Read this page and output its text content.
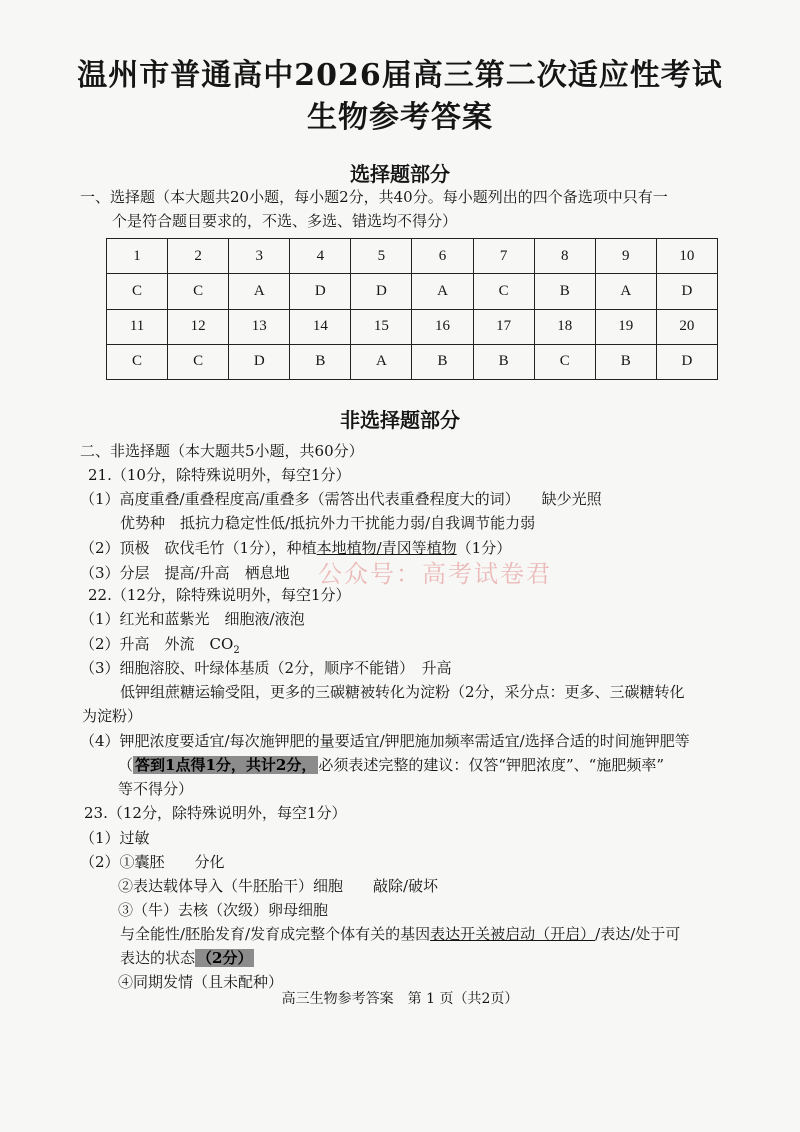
温州市普通高中2026届高三第二次适应性考试
生物参考答案
选择题部分
一、选择题（本大题共20小题，每小题2分，共40分。每小题列出的四个备选项中只有一
个是符合题目要求的，不选、多选、错选均不得分）
1	2	3	4	5	6	7	8	9	10
C	C	A	D	D	A	C	B	A	D
11	12	13	14	15	16	17	18	19	20
C	C	D	B	A	B	B	C	B	D
非选择题部分
二、非选择题（本大题共5小题，共60分）
21.（10分，除特殊说明外，每空1分）
（1）高度重叠/重叠程度高/重叠多（需答出代表重叠程度大的词） 缺少光照
优势种　抵抗力稳定性低/抵抗外力干扰能力弱/自我调节能力弱
（2）顶极　砍伐毛竹（1分），种植本地植物/青冈等植物（1分）
（3）分层　提高/升高　栖息地 公众号：高考试卷君
22.（12分，除特殊说明外，每空1分）
（1）红光和蓝紫光　细胞液/液泡
（2）升高　外流　$CO_2$
（3）细胞溶胶、叶绿体基质（2分，顺序不能错）　升高
低钾组蔗糖运输受阻，更多的三碳糖被转化为淀粉（2分，采分点：更多、三碳糖转化
为淀粉）
（4）钾肥浓度要适宜/每次施钾肥的量要适宜/钾肥施加频率需适宜/选择合适的时间施钾肥等
（ 答到1点得1分，共计2分， 必须表述完整的建议：仅答“钾肥浓度”、“施肥频率”
等不得分）
23.（12分，除特殊说明外，每空1分）
（1）过敏
（2）①囊胚　　分化
②表达载体导入（牛胚胎干）细胞　　敲除/破坏
③（牛）去核（次级）卵母细胞
与全能性/胚胎发育/发育成完整个体有关的基因表达开关被启动（开启）/表达/处于可
表达的状态 （2分）
④同期发情（且未配种）
高三生物参考答案　第 1 页（共2页）
